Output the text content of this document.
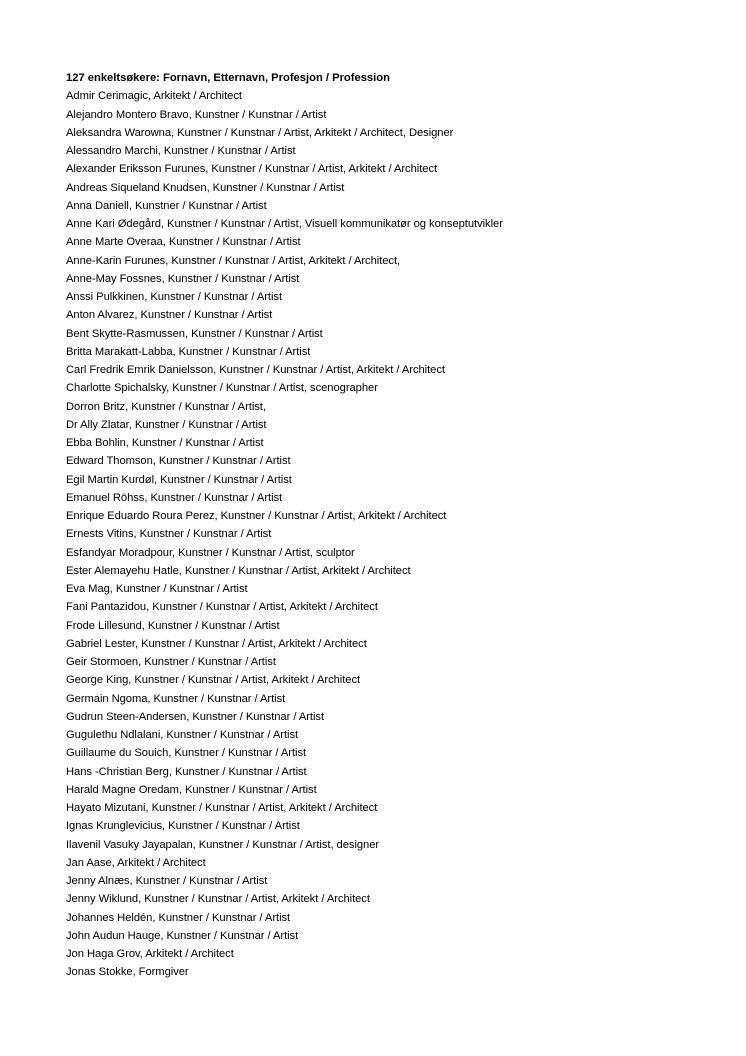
127 enkeltsøkere: Fornavn, Etternavn, Profesjon / Profession
Admir Cerimagic, Arkitekt / Architect
Alejandro Montero Bravo, Kunstner / Kunstnar / Artist
Aleksandra Warowna, Kunstner / Kunstnar / Artist, Arkitekt / Architect, Designer
Alessandro Marchi, Kunstner / Kunstnar / Artist
Alexander Eriksson Furunes, Kunstner / Kunstnar / Artist, Arkitekt / Architect
Andreas Siqueland Knudsen, Kunstner / Kunstnar / Artist
Anna Daniell, Kunstner / Kunstnar / Artist
Anne Kari Ødegård, Kunstner / Kunstnar / Artist, Visuell kommunikatør og konseptutvikler
Anne Marte Overaa, Kunstner / Kunstnar / Artist
Anne-Karin Furunes, Kunstner / Kunstnar / Artist, Arkitekt / Architect,
Anne-May Fossnes, Kunstner / Kunstnar / Artist
Anssi Pulkkinen, Kunstner / Kunstnar / Artist
Anton Alvarez, Kunstner / Kunstnar / Artist
Bent Skytte-Rasmussen, Kunstner / Kunstnar / Artist
Britta Marakatt-Labba, Kunstner / Kunstnar / Artist
Carl Fredrik Emrik Danielsson, Kunstner / Kunstnar / Artist, Arkitekt / Architect
Charlotte Spichalsky, Kunstner / Kunstnar / Artist, scenographer
Dorron Britz, Kunstner / Kunstnar / Artist,
Dr Ally Zlatar, Kunstner / Kunstnar / Artist
Ebba Bohlin, Kunstner / Kunstnar / Artist
Edward Thomson, Kunstner / Kunstnar / Artist
Egil Martin Kurdøl, Kunstner / Kunstnar / Artist
Emanuel Röhss, Kunstner / Kunstnar / Artist
Enrique Eduardo Roura Perez, Kunstner / Kunstnar / Artist, Arkitekt / Architect
Ernests Vitins, Kunstner / Kunstnar / Artist
Esfandyar Moradpour, Kunstner / Kunstnar / Artist, sculptor
Ester Alemayehu Hatle, Kunstner / Kunstnar / Artist, Arkitekt / Architect
Eva Mag, Kunstner / Kunstnar / Artist
Fani Pantazidou, Kunstner / Kunstnar / Artist, Arkitekt / Architect
Frode Lillesund, Kunstner / Kunstnar / Artist
Gabriel Lester, Kunstner / Kunstnar / Artist, Arkitekt / Architect
Geir Stormoen, Kunstner / Kunstnar / Artist
George King, Kunstner / Kunstnar / Artist, Arkitekt / Architect
Germain Ngoma, Kunstner / Kunstnar / Artist
Gudrun Steen-Andersen, Kunstner / Kunstnar / Artist
Gugulethu Ndlalani, Kunstner / Kunstnar / Artist
Guillaume du Souich, Kunstner / Kunstnar / Artist
Hans -Christian Berg, Kunstner / Kunstnar / Artist
Harald Magne Oredam, Kunstner / Kunstnar / Artist
Hayato Mizutani, Kunstner / Kunstnar / Artist, Arkitekt / Architect
Ignas Krunglevicius, Kunstner / Kunstnar / Artist
Ilavenil Vasuky Jayapalan, Kunstner / Kunstnar / Artist, designer
Jan Aase, Arkitekt / Architect
Jenny Alnæs, Kunstner / Kunstnar / Artist
Jenny Wiklund, Kunstner / Kunstnar / Artist, Arkitekt / Architect
Johannes Heldén, Kunstner / Kunstnar / Artist
John Audun Hauge, Kunstner / Kunstnar / Artist
Jon Haga Grov, Arkitekt / Architect
Jonas Stokke, Formgiver
